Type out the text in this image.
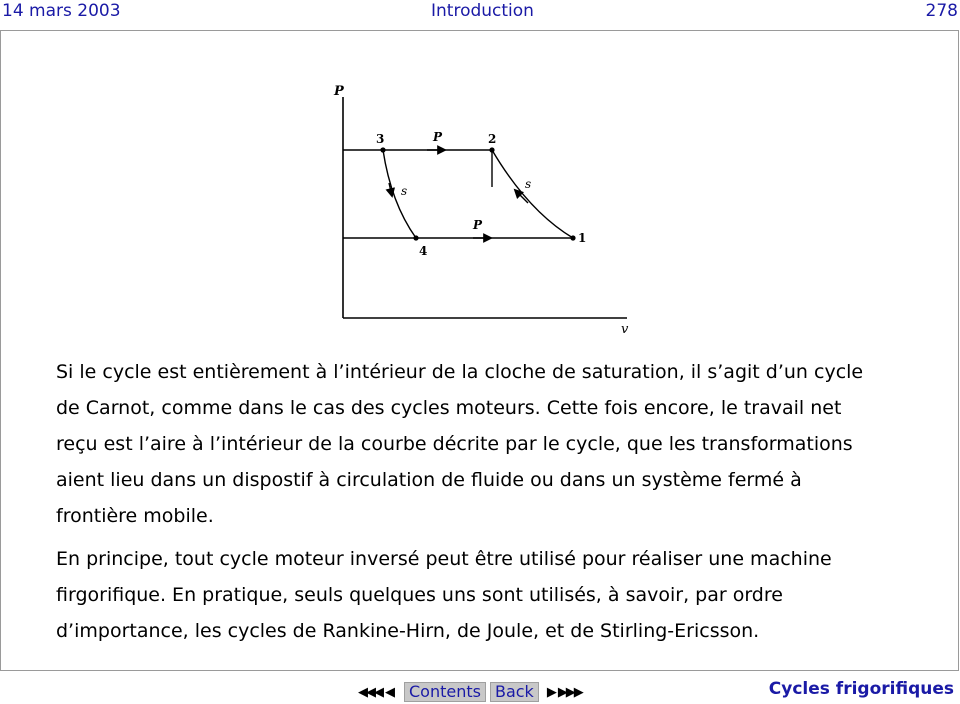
14 mars 2003	Introduction	278
P
v
P
P
s	s
3	2
4
1
Si le cycle est entièrement à l’intérieur de la cloche de saturation, il s’agit d’un cycle
de Carnot, comme dans le cas des cycles moteurs. Cette fois encore, le travail net
reçu est l’aire à l’intérieur de la courbe décrite par le cycle, que les transformations
aient lieu dans un dispostif à circulation de fluide ou dans un système fermé à
frontière mobile.
En principe, tout cycle moteur inversé peut être utilisé pour réaliser une machine
firgorifique. En pratique, seuls quelques uns sont utilisés, à savoir, par ordre
d’importance, les cycles de Rankine-Hirn, de Joule, et de Stirling-Ericsson.
◀◀◀ ◀	Contents Back	▶ ▶▶▶	Cycles frigorifiques
